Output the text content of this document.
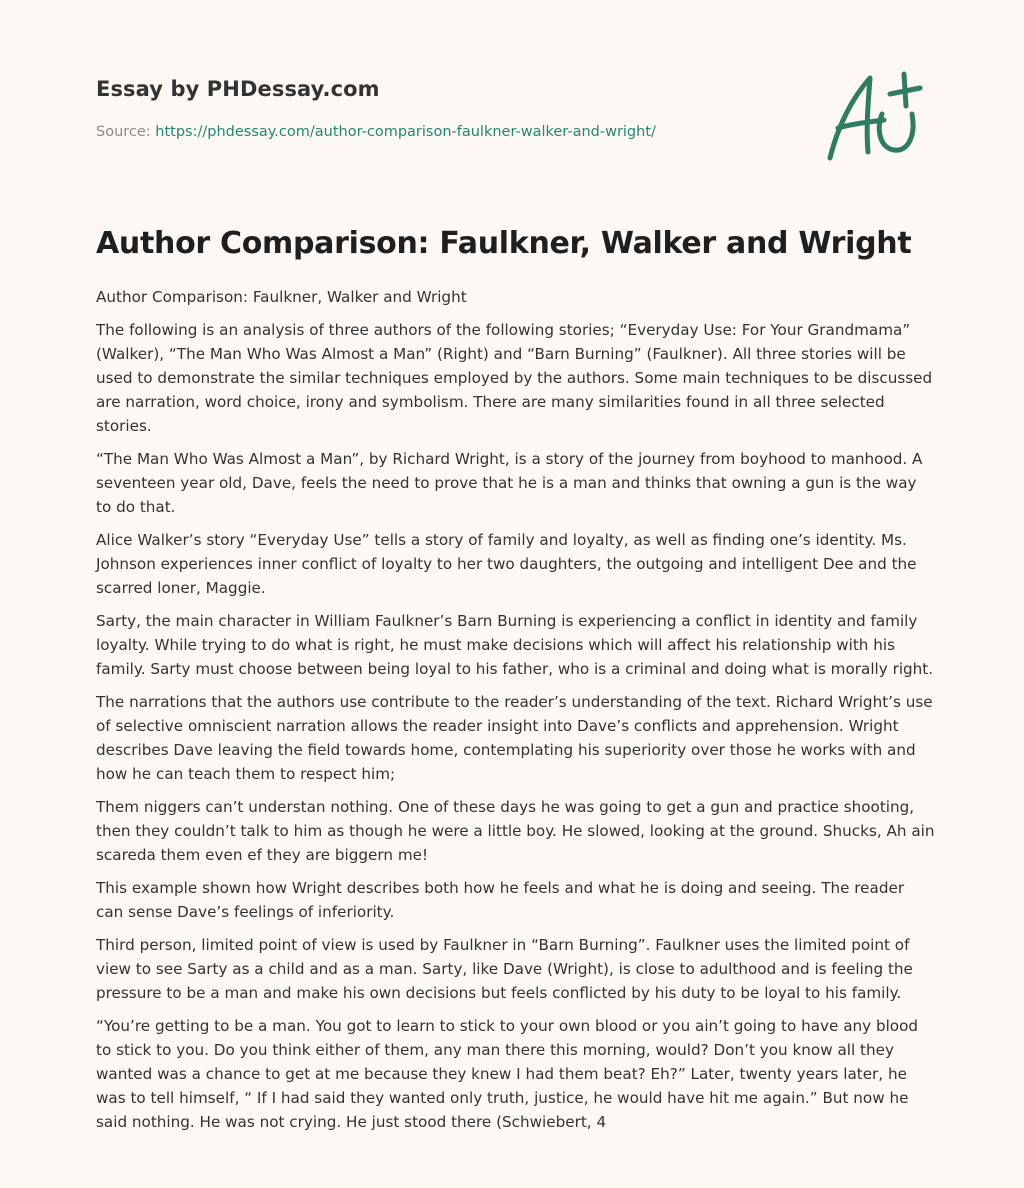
Essay by PHDessay.com
Source: https://phdessay.com/author-comparison-faulkner-walker-and-wright/
Author Comparison: Faulkner, Walker and Wright

Author Comparison: Faulkner, Walker and Wright

The following is an analysis of three authors of the following stories; “Everyday Use: For Your Grandmama” (Walker), “The Man Who Was Almost a Man” (Right) and “Barn Burning” (Faulkner). All three stories will be used to demonstrate the similar techniques employed by the authors. Some main techniques to be discussed are narration, word choice, irony and symbolism. There are many similarities found in all three selected stories.

“The Man Who Was Almost a Man”, by Richard Wright, is a story of the journey from boyhood to manhood. A seventeen year old, Dave, feels the need to prove that he is a man and thinks that owning a gun is the way to do that.

Alice Walker’s story “Everyday Use” tells a story of family and loyalty, as well as finding one’s identity. Ms. Johnson experiences inner conflict of loyalty to her two daughters, the outgoing and intelligent Dee and the scarred loner, Maggie.

Sarty, the main character in William Faulkner’s Barn Burning is experiencing a conflict in identity and family loyalty. While trying to do what is right, he must make decisions which will affect his relationship with his family. Sarty must choose between being loyal to his father, who is a criminal and doing what is morally right.

The narrations that the authors use contribute to the reader’s understanding of the text. Richard Wright’s use of selective omniscient narration allows the reader insight into Dave’s conflicts and apprehension. Wright describes Dave leaving the field towards home, contemplating his superiority over those he works with and how he can teach them to respect him;

Them niggers can’t understan nothing. One of these days he was going to get a gun and practice shooting, then they couldn’t talk to him as though he were a little boy. He slowed, looking at the ground. Shucks, Ah ain scareda them even ef they are biggern me!

This example shown how Wright describes both how he feels and what he is doing and seeing. The reader can sense Dave’s feelings of inferiority.

Third person, limited point of view is used by Faulkner in “Barn Burning”. Faulkner uses the limited point of view to see Sarty as a child and as a man. Sarty, like Dave (Wright), is close to adulthood and is feeling the pressure to be a man and make his own decisions but feels conflicted by his duty to be loyal to his family.

“You’re getting to be a man. You got to learn to stick to your own blood or you ain’t going to have any blood to stick to you. Do you think either of them, any man there this morning, would? Don’t you know all they wanted was a chance to get at me because they knew I had them beat? Eh?” Later, twenty years later, he was to tell himself, “ If I had said they wanted only truth, justice, he would have hit me again.” But now he said nothing. He was not crying. He just stood there (Schwiebert, 4
